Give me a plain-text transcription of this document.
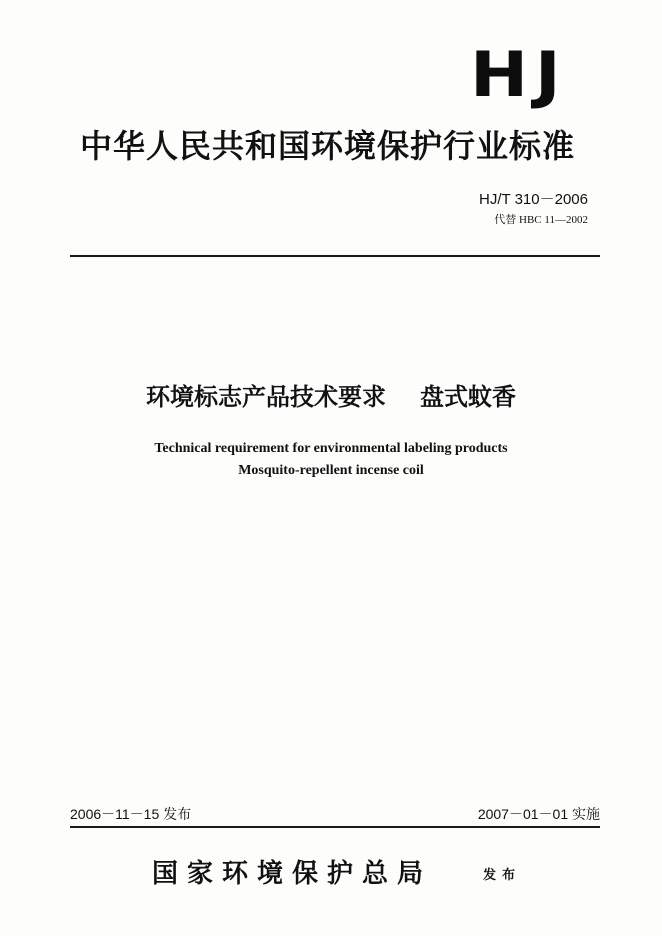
HJ
中华人民共和国环境保护行业标准
HJ/T 310－2006
代替 HBC 11—2002
环境标志产品技术要求 盘式蚊香
Technical requirement for environmental labeling products
Mosquito-repellent incense coil
2006－11－15 发布	2007－01－01 实施
国家环境保护总局	发布
